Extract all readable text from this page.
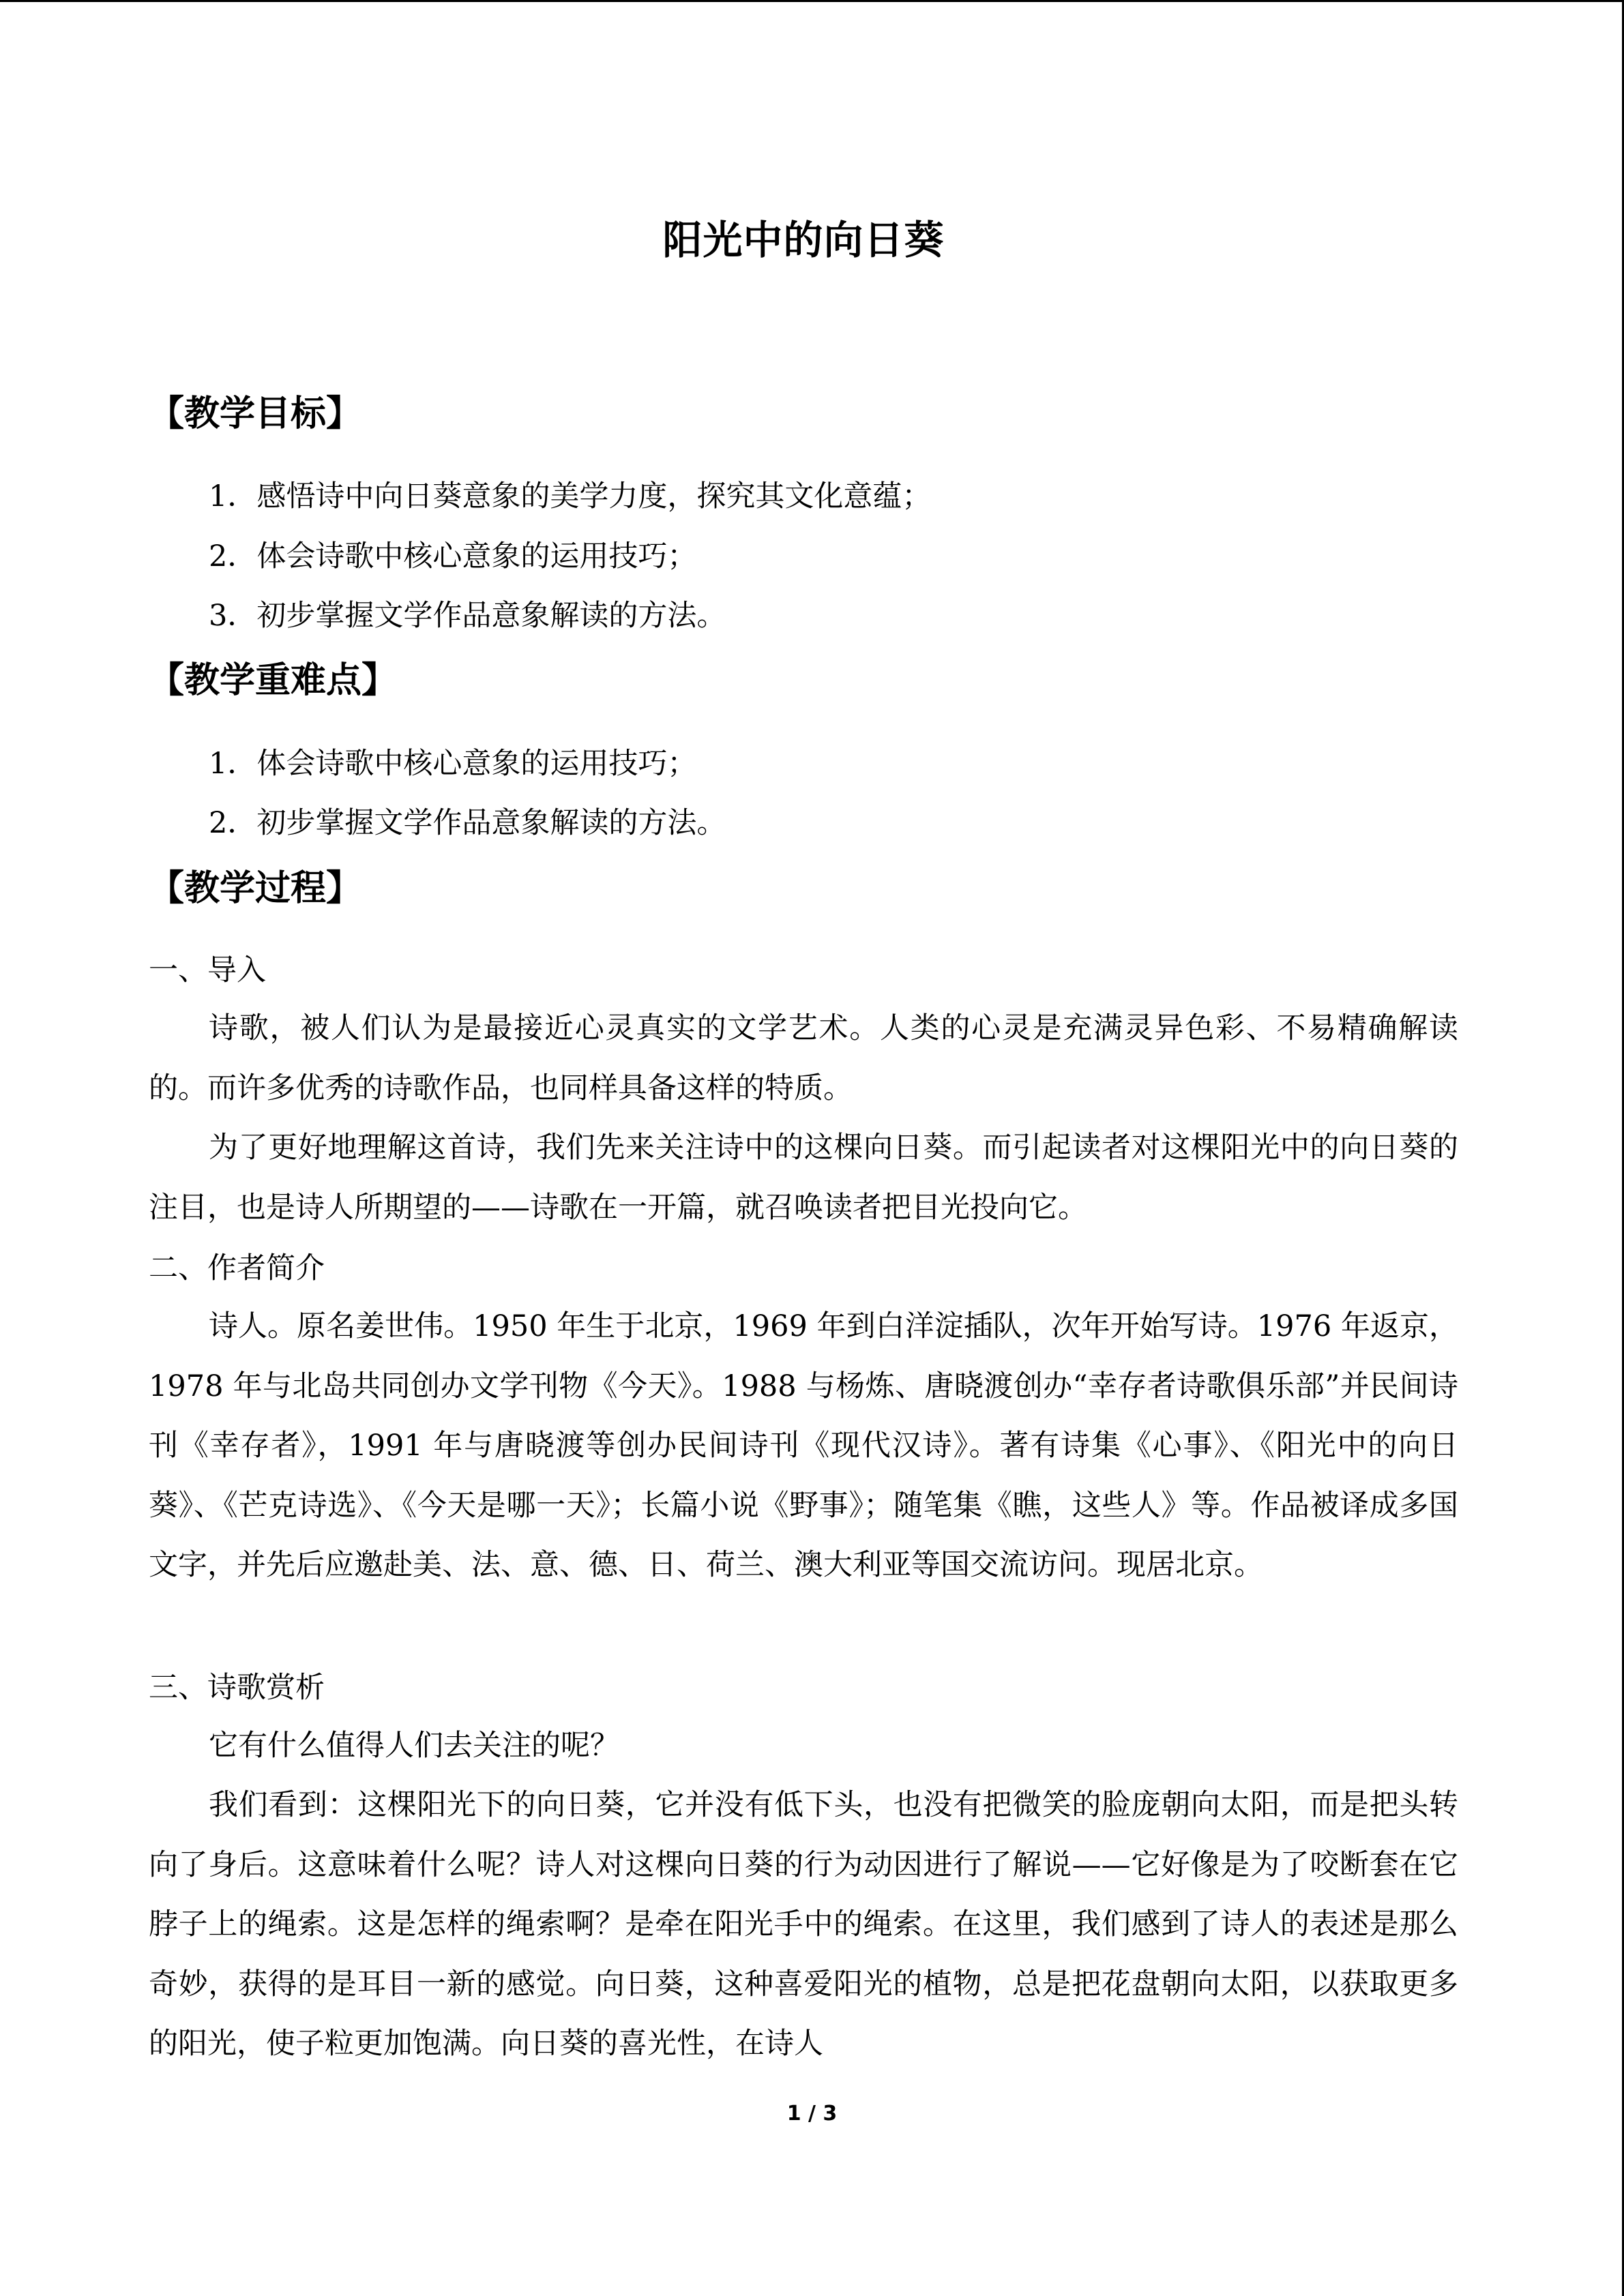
阳光中的向日葵
【教学目标】
1．感悟诗中向日葵意象的美学力度，探究其文化意蕴；
2．体会诗歌中核心意象的运用技巧；
3．初步掌握文学作品意象解读的方法。
【教学重难点】
1．体会诗歌中核心意象的运用技巧；
2．初步掌握文学作品意象解读的方法。
【教学过程】
一、导入

诗歌，被人们认为是最接近心灵真实的文学艺术。人类的心灵是充满灵异色彩、不易精确解读的。而许多优秀的诗歌作品，也同样具备这样的特质。

为了更好地理解这首诗，我们先来关注诗中的这棵向日葵。而引起读者对这棵阳光中的向日葵的注目，也是诗人所期望的——诗歌在一开篇，就召唤读者把目光投向它。

二、作者简介

诗人。原名姜世伟。1950 年生于北京，1969 年到白洋淀插队，次年开始写诗。1976 年返京，1978 年与北岛共同创办文学刊物《今天》。1988 与杨炼、唐晓渡创办“幸存者诗歌俱乐部”并民间诗刊《幸存者》，1991 年与唐晓渡等创办民间诗刊《现代汉诗》。著有诗集《心事》、《阳光中的向日葵》、《芒克诗选》、《今天是哪一天》；长篇小说《野事》；随笔集《瞧，这些人》等。作品被译成多国文字，并先后应邀赴美、法、意、德、日、荷兰、澳大利亚等国交流访问。现居北京。

三、诗歌赏析

它有什么值得人们去关注的呢？

我们看到：这棵阳光下的向日葵，它并没有低下头，也没有把微笑的脸庞朝向太阳，而是把头转向了身后。这意味着什么呢？诗人对这棵向日葵的行为动因进行了解说——它好像是为了咬断套在它脖子上的绳索。这是怎样的绳索啊？是牵在阳光手中的绳索。在这里，我们感到了诗人的表述是那么奇妙，获得的是耳目一新的感觉。向日葵，这种喜爱阳光的植物，总是把花盘朝向太阳，以获取更多的阳光，使子粒更加饱满。向日葵的喜光性，在诗人

1 / 3
